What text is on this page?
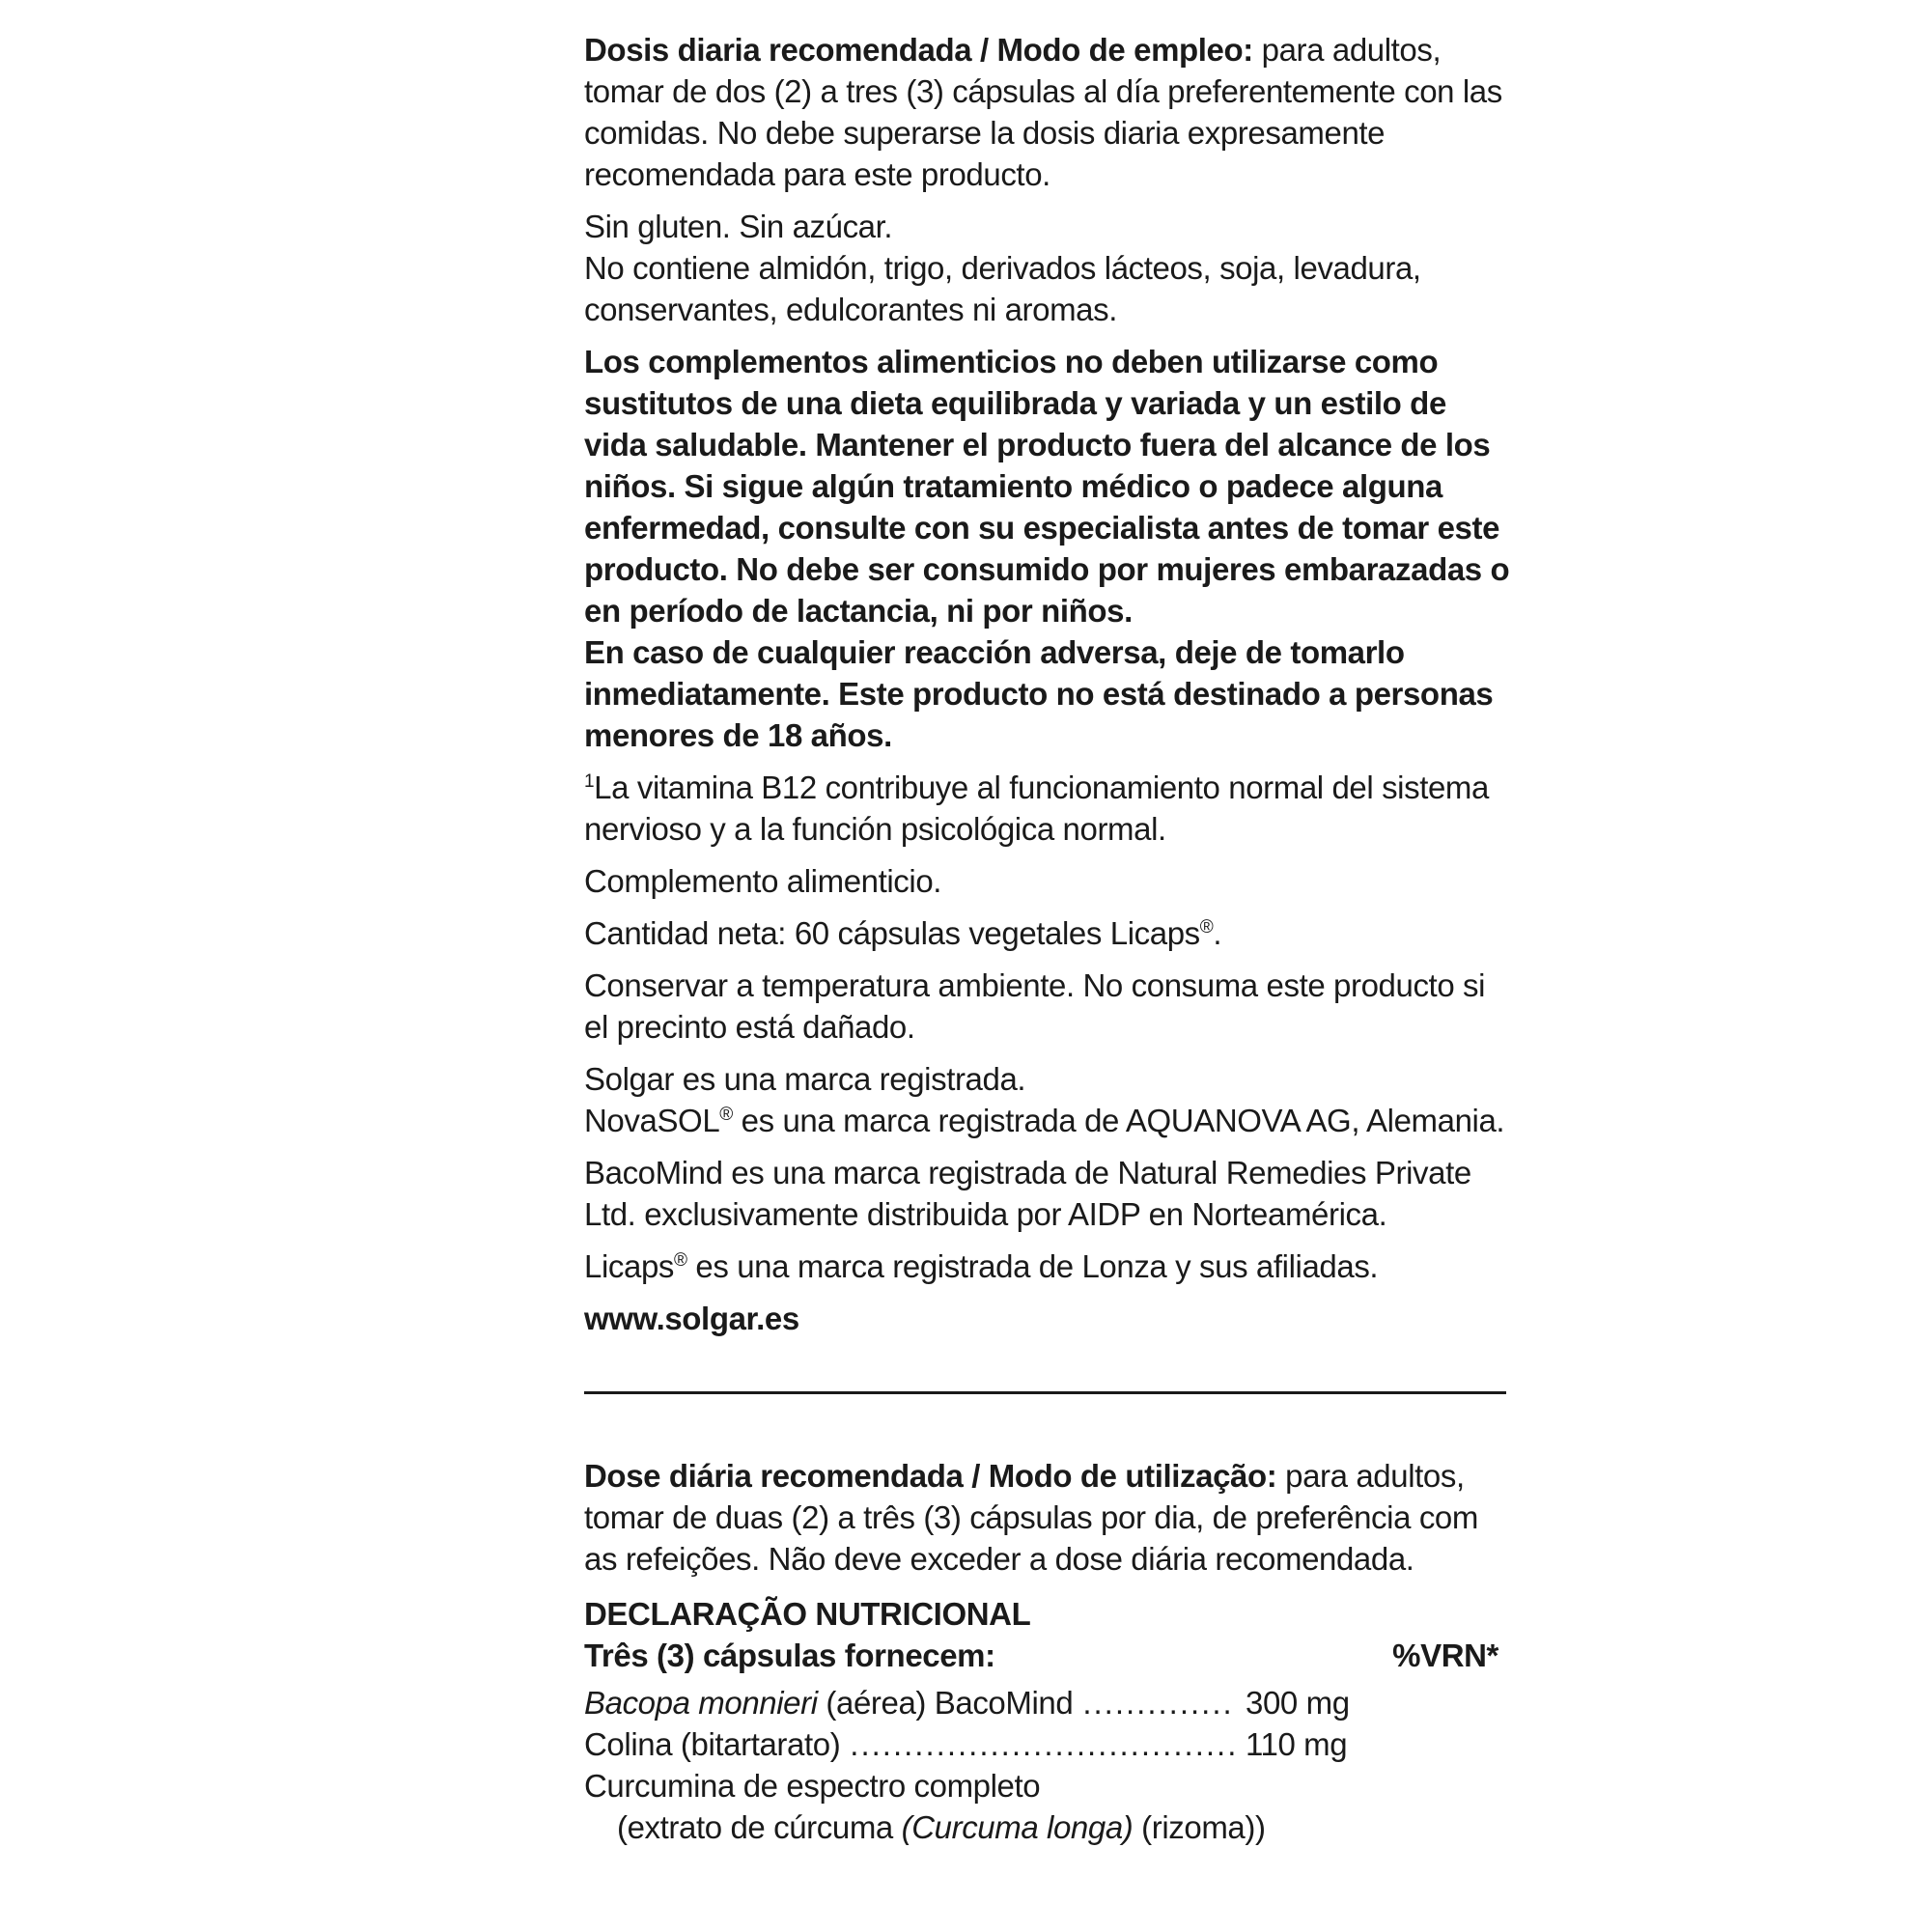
Dosis diaria recomendada / Modo de empleo: para adultos, tomar de dos (2) a tres (3) cápsulas al día preferentemente con las comidas. No debe superarse la dosis diaria expresamente recomendada para este producto.

Sin gluten. Sin azúcar.

No contiene almidón, trigo, derivados lácteos, soja, levadura, conservantes, edulcorantes ni aromas.

Los complementos alimenticios no deben utilizarse como sustitutos de una dieta equilibrada y variada y un estilo de vida saludable. Mantener el producto fuera del alcance de los niños. Si sigue algún tratamiento médico o padece alguna enfermedad, consulte con su especialista antes de tomar este producto. No debe ser consumido por mujeres embarazadas o en período de lactancia, ni por niños.

En caso de cualquier reacción adversa, deje de tomarlo inmediatamente. Este producto no está destinado a personas menores de 18 años.

$^1$La vitamina B12 contribuye al funcionamiento normal del sistema nervioso y a la función psicológica normal.

Complemento alimenticio.

Cantidad neta: 60 cápsulas vegetales Licaps®.

Conservar a temperatura ambiente. No consuma este producto si el precinto está dañado.

Solgar es una marca registrada.

NovaSOL® es una marca registrada de AQUANOVA AG, Alemania.

BacoMind es una marca registrada de Natural Remedies Private Ltd. exclusivamente distribuida por AIDP en Norteamérica.

Licaps® es una marca registrada de Lonza y sus afiliadas.

www.solgar.es

Dose diária recomendada / Modo de utilização: para adultos, tomar de duas (2) a três (3) cápsulas por dia, de preferência com as refeições. Não deve exceder a dose diária recomendada.

DECLARAÇÃO NUTRICIONAL
Três (3) cápsulas fornecem:	%VRN*
Bacopa monnieri (aérea) BacoMind .....	300 mg
Colina (bitartarato) .....	110 mg
Curcumina de espectro completo
(extrato de cúrcuma (Curcuma longa) (rizoma))
